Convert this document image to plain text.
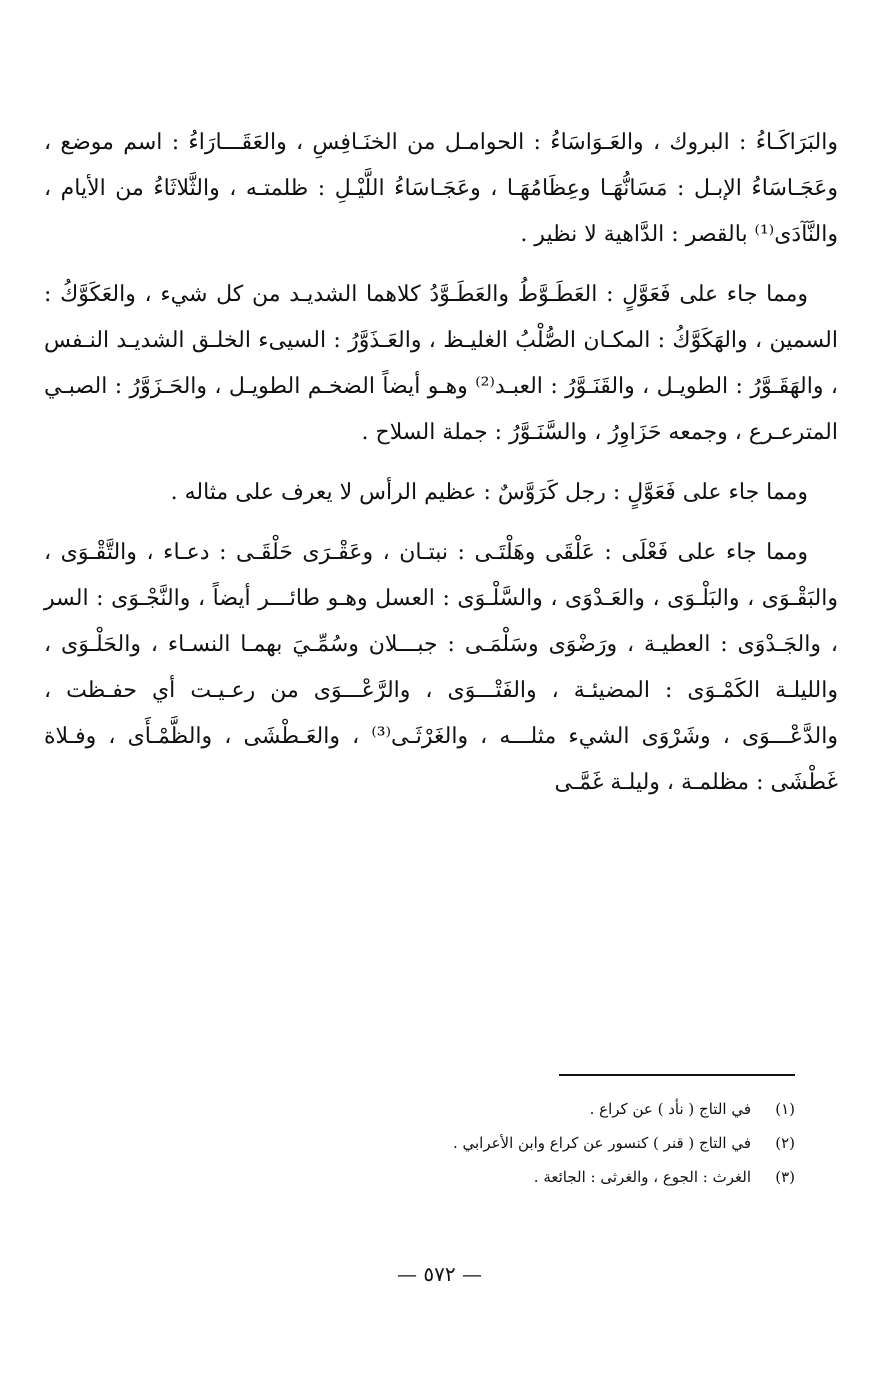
والبَرَاكَـاءُ : البروك ، والعَـوَاسَاءُ : الحوامـل من الخنَـافِسِ ، والعَقَـــارَاءُ : اسم موضع ، وعَجَـاسَاءُ الإبـل : مَسَانُّهَـا وعِظَامُهَـا ، وعَجَـاسَاءُ اللَّيْـلِ : ظلمتـه ، والثَّلاثَاءُ من الأيام ، والنَّآدَى⁽¹⁾ بالقصر : الدَّاهية لا نظير .

ومما جاء على فَعَوَّلٍ : العَطَـوَّطُ والعَطَـوَّدُ كلاهما الشديـد من كل شيء ، والعَكَوَّكُ : السمين ، والهَكَوَّكُ : المكـان الصُّلْبُ الغليـظ ، والعَـذَوَّرُ : السيىء الخلـق الشديـد النـفس ، والهَقَـوَّرُ : الطويـل ، والقَنَـوَّرُ : العبـد⁽²⁾ وهـو أيضاً الضخـم الطويـل ، والحَـزَوَّرُ : الصبـي المترعـرع ، وجمعه حَزَاوِرُ ، والسَّنَـوَّرُ : جملة السلاح .

ومما جاء على فَعَوَّلٍ : رجل كَرَوَّسٌ : عظيم الرأس لا يعرف على مثاله .

ومما جاء على فَعْلَى : عَلْقَى وهَلْتَـى : نبتـان ، وعَقْـرَى حَلْقَـى : دعـاء ، والتَّقْـوَى ، والبَقْـوَى ، والبَلْـوَى ، والعَـدْوَى ، والسَّلْـوَى : العسل وهـو طائـــر أيضاً ، والنَّجْـوَى : السر ، والجَـدْوَى : العطيـة ، ورَضْوَى وسَلْمَـى : جبـــلان وسُمِّـيَ بهمـا النسـاء ، والحَلْـوَى ، والليلـة الكَمْـوَى : المضيئـة ، والفَتْـــوَى ، والرَّعْـــوَى من رعـيـت أي حفـظت ، والدَّعْـــوَى ، وشَرْوَى الشيء مثلـــه ، والغَرْثَـى⁽³⁾ ، والعَـطْشَى ، والظَّمْـأَى ، وفـلاة غَطْشَى : مظلمـة ، وليلـة غَمَّـى

(١)
في التاج ( نأد ) عن كراع .
(٢)
في التاج ( قنر ) كنسور عن كراع وابن الأعرابي .
(٣)
الغرث : الجوع ، والغرثى : الجائعة .
— ٥٧٢ —
